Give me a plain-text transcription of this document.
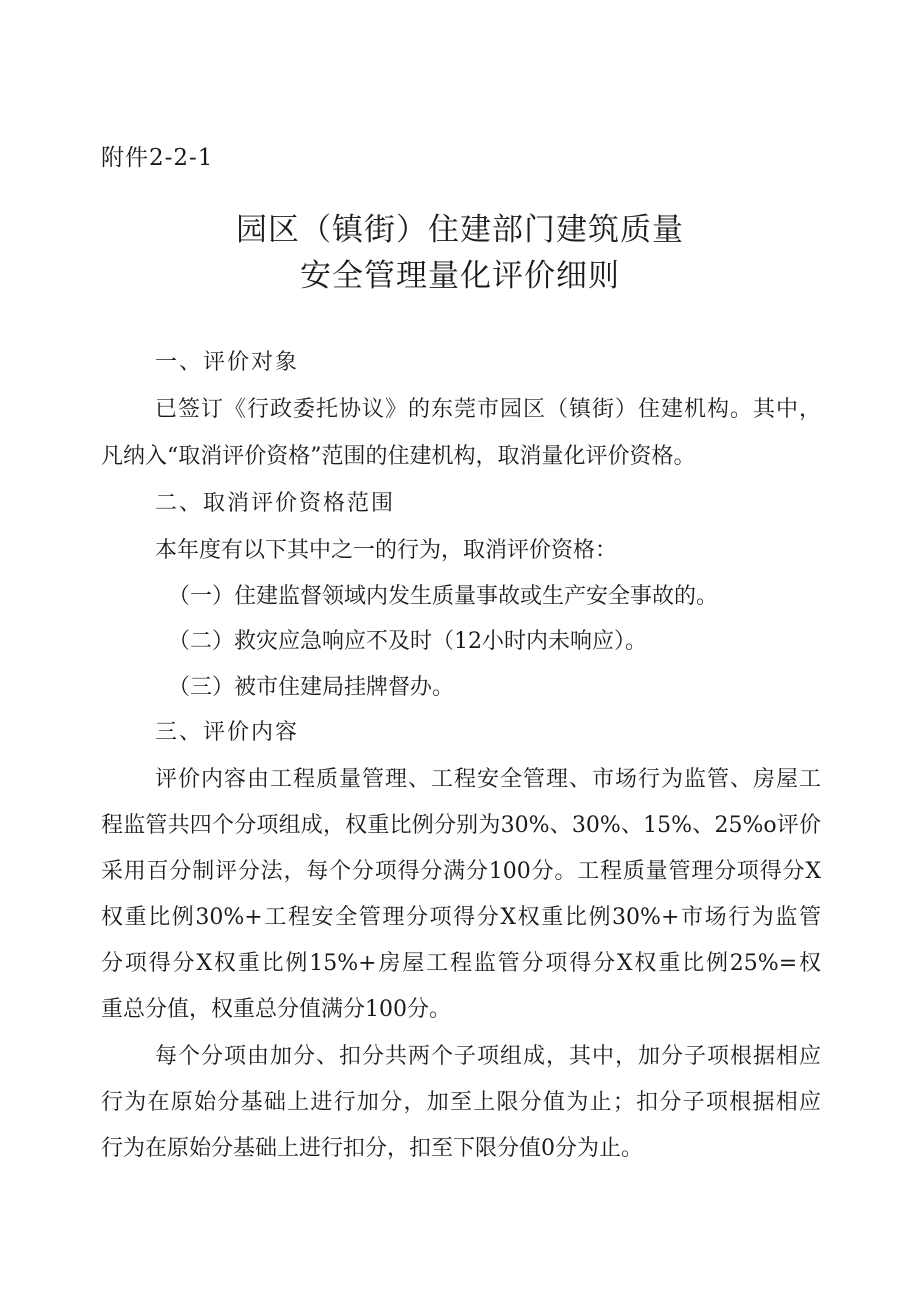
附件2-2-1
园区（镇街）住建部门建筑质量
安全管理量化评价细则
一、评价对象
已签订《行政委托协议》的东莞市园区（镇街）住建机构。其中，
凡纳入“取消评价资格”范围的住建机构，取消量化评价资格。
二、取消评价资格范围
本年度有以下其中之一的行为，取消评价资格：
（一）住建监督领域内发生质量事故或生产安全事故的。
（二）救灾应急响应不及时（12小时内未响应）。
（三）被市住建局挂牌督办。
三、评价内容
评价内容由工程质量管理、工程安全管理、市场行为监管、房屋工
程监管共四个分项组成，权重比例分别为30%、30%、15%、25%o评价
采用百分制评分法，每个分项得分满分100分。工程质量管理分项得分X
权重比例30%+工程安全管理分项得分X权重比例30%+市场行为监管
分项得分X权重比例15%+房屋工程监管分项得分X权重比例25%=权
重总分值，权重总分值满分100分。
每个分项由加分、扣分共两个子项组成，其中，加分子项根据相应
行为在原始分基础上进行加分，加至上限分值为止；扣分子项根据相应
行为在原始分基础上进行扣分，扣至下限分值0分为止。
